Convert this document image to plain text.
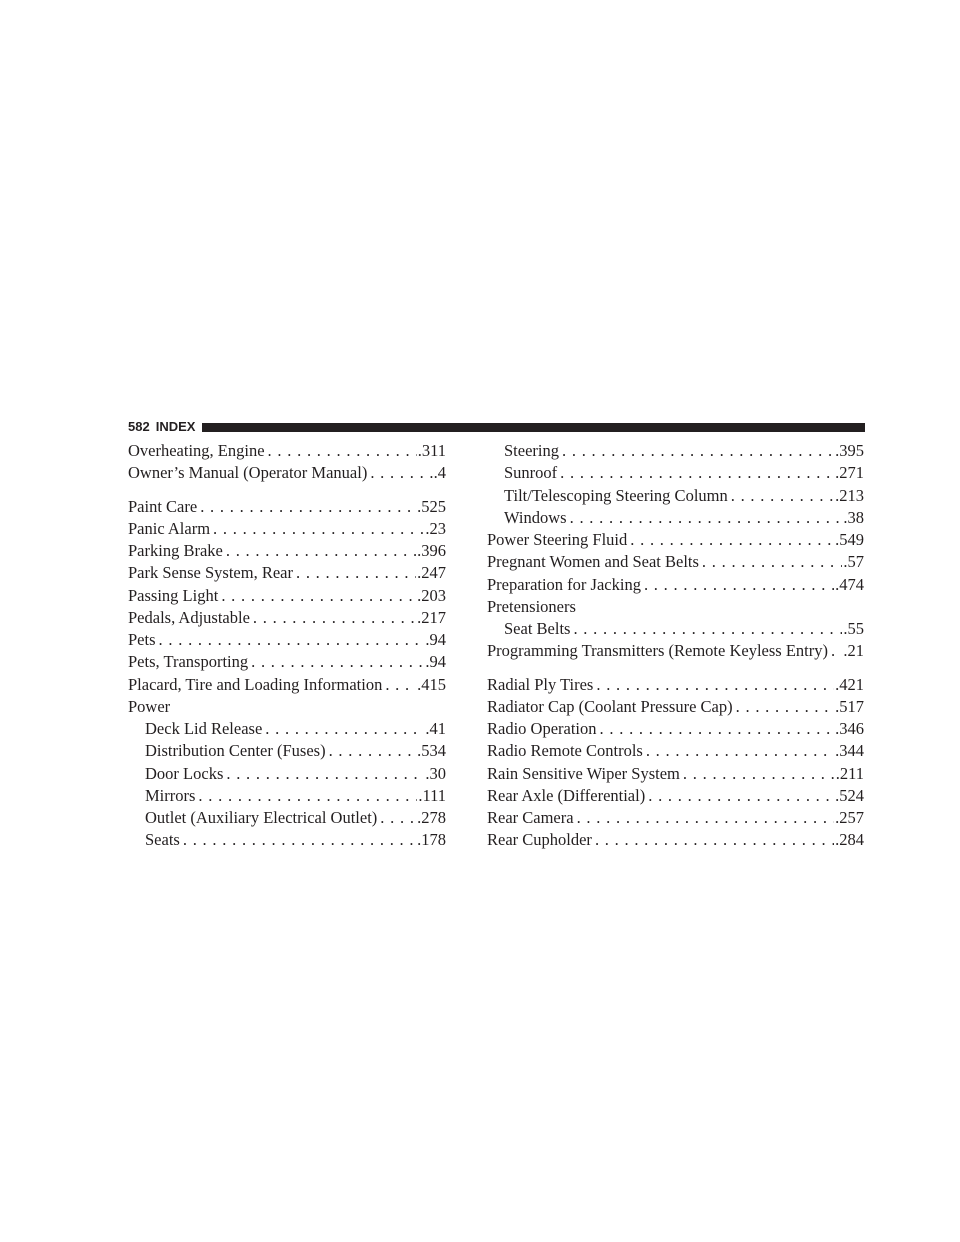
582 INDEX
Overheating, Engine . . .	.311
Owner’s Manual (Operator Manual) . . .	.4
Paint Care . . .	.525
Panic Alarm . . .	.23
Parking Brake . . .	.396
Park Sense System, Rear . . .	.247
Passing Light . . .	.203
Pedals, Adjustable . . .	.217
Pets . . .	.94
Pets, Transporting . . .	.94
Placard, Tire and Loading Information . . . .415
Power
Deck Lid Release . . .	.41
Distribution Center (Fuses) . . .	.534
Door Locks . . .	.30
Mirrors . . .	.111
Outlet (Auxiliary Electrical Outlet) . . . .278
Seats . . .	.178
Steering . . .	.395
Sunroof . . .	.271
Tilt/Telescoping Steering Column . . .	.213
Windows . . .	.38
Power Steering Fluid . . .	.549
Pregnant Women and Seat Belts . . .	.57
Preparation for Jacking . . .	.474
Pretensioners
Seat Belts . . .	.55
Programming Transmitters (Remote Keyless Entry) . . . .21
Radial Ply Tires . . .	.421
Radiator Cap (Coolant Pressure Cap) . . .	.517
Radio Operation . . .	.346
Radio Remote Controls . . .	.344
Rain Sensitive Wiper System . . .	.211
Rear Axle (Differential) . . .	.524
Rear Camera . . .	.257
Rear Cupholder . . .	.284
